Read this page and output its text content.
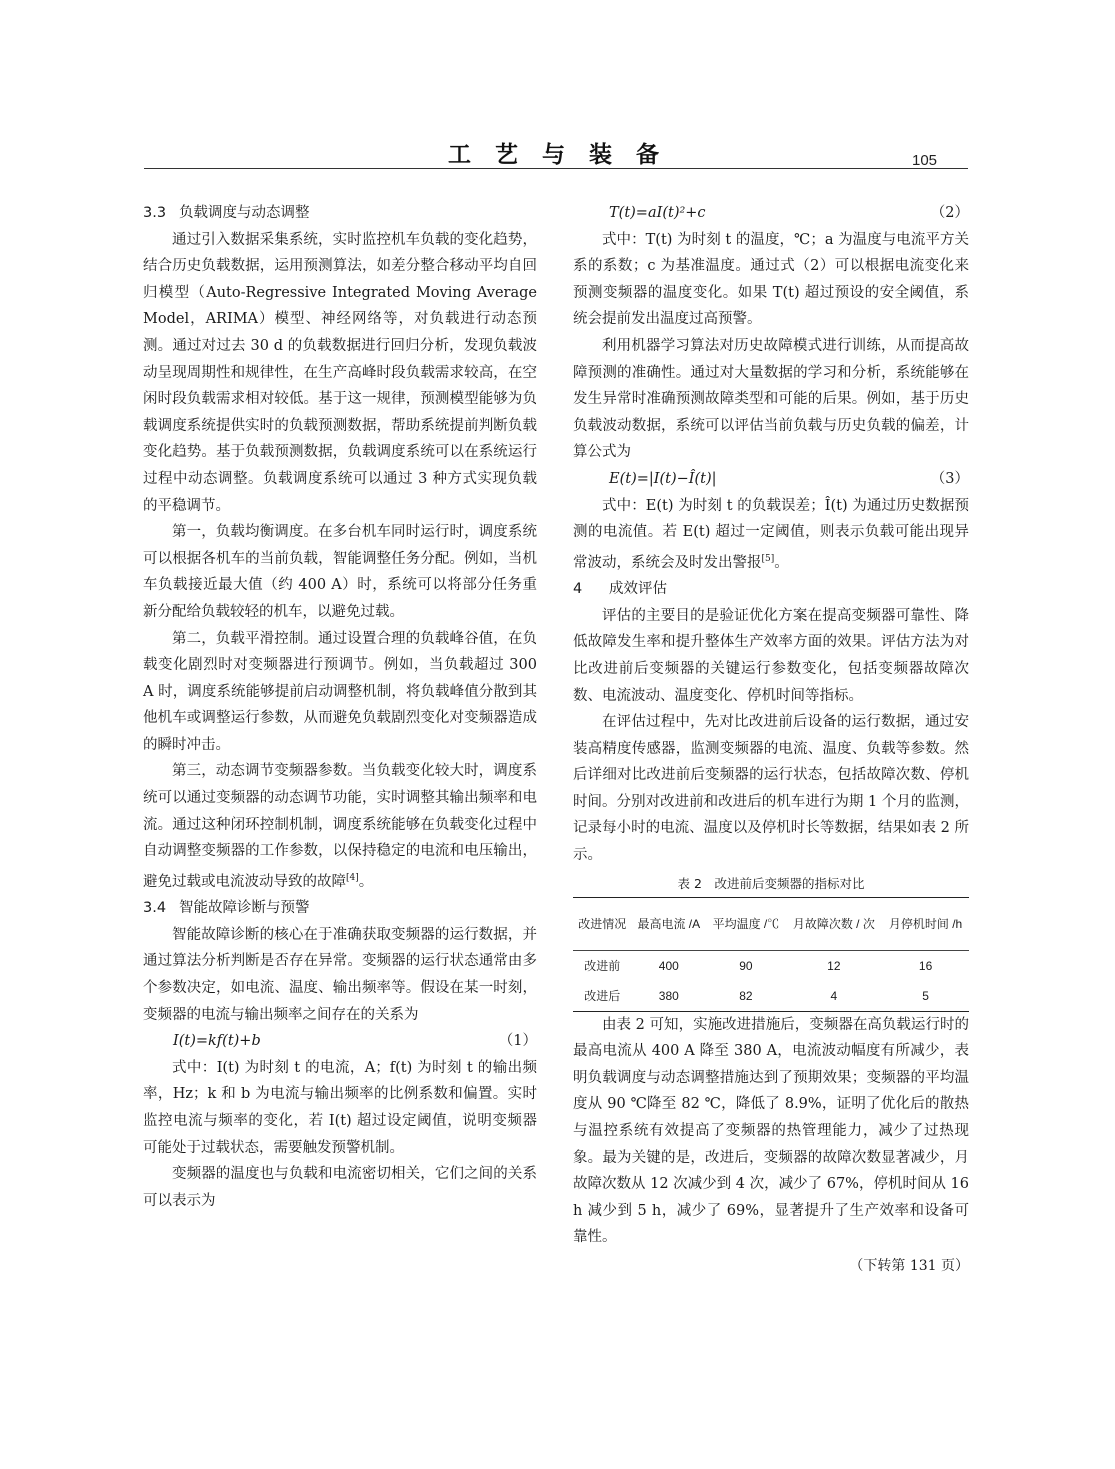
工 艺 与 装 备	105
3.3 负载调度与动态调整

通过引入数据采集系统，实时监控机车负载的变化趋势，结合历史负载数据，运用预测算法，如差分整合移动平均自回归模型（Auto-Regressive Integrated Moving Average Model，ARIMA）模型、神经网络等，对负载进行动态预测。通过对过去 30 d 的负载数据进行回归分析，发现负载波动呈现周期性和规律性，在生产高峰时段负载需求较高，在空闲时段负载需求相对较低。基于这一规律，预测模型能够为负载调度系统提供实时的负载预测数据，帮助系统提前判断负载变化趋势。基于负载预测数据，负载调度系统可以在系统运行过程中动态调整。负载调度系统可以通过 3 种方式实现负载的平稳调节。

第一，负载均衡调度。在多台机车同时运行时，调度系统可以根据各机车的当前负载，智能调整任务分配。例如，当机车负载接近最大值（约 400 A）时，系统可以将部分任务重新分配给负载较轻的机车，以避免过载。

第二，负载平滑控制。通过设置合理的负载峰谷值，在负载变化剧烈时对变频器进行预调节。例如，当负载超过 300 A 时，调度系统能够提前启动调整机制，将负载峰值分散到其他机车或调整运行参数，从而避免负载剧烈变化对变频器造成的瞬时冲击。

第三，动态调节变频器参数。当负载变化较大时，调度系统可以通过变频器的动态调节功能，实时调整其输出频率和电流。通过这种闭环控制机制，调度系统能够在负载变化过程中自动调整变频器的工作参数，以保持稳定的电流和电压输出，避免过载或电流波动导致的故障[4]。

3.4 智能故障诊断与预警

智能故障诊断的核心在于准确获取变频器的运行数据，并通过算法分析判断是否存在异常。变频器的运行状态通常由多个参数决定，如电流、温度、输出频率等。假设在某一时刻，变频器的电流与输出频率之间存在的关系为

I(t)=kf(t)+b	（1）

式中：I(t) 为时刻 t 的电流，A；f(t) 为时刻 t 的输出频率，Hz；k 和 b 为电流与输出频率的比例系数和偏置。实时监控电流与频率的变化，若 I(t) 超过设定阈值，说明变频器可能处于过载状态，需要触发预警机制。

变频器的温度也与负载和电流密切相关，它们之间的关系可以表示为

T(t)=aI(t)²+c	（2）

式中：T(t) 为时刻 t 的温度，℃；a 为温度与电流平方关系的系数；c 为基准温度。通过式（2）可以根据电流变化来预测变频器的温度变化。如果 T(t) 超过预设的安全阈值，系统会提前发出温度过高预警。

利用机器学习算法对历史故障模式进行训练，从而提高故障预测的准确性。通过对大量数据的学习和分析，系统能够在发生异常时准确预测故障类型和可能的后果。例如，基于历史负载波动数据，系统可以评估当前负载与历史负载的偏差，计算公式为

E(t)=|I(t)−Î(t)|	（3）

式中：E(t) 为时刻 t 的负载误差；Î(t) 为通过历史数据预测的电流值。若 E(t) 超过一定阈值，则表示负载可能出现异常波动，系统会及时发出警报[5]。

4 成效评估

评估的主要目的是验证优化方案在提高变频器可靠性、降低故障发生率和提升整体生产效率方面的效果。评估方法为对比改进前后变频器的关键运行参数变化，包括变频器故障次数、电流波动、温度变化、停机时间等指标。

在评估过程中，先对比改进前后设备的运行数据，通过安装高精度传感器，监测变频器的电流、温度、负载等参数。然后详细对比改进前后变频器的运行状态，包括故障次数、停机时间。分别对改进前和改进后的机车进行为期 1 个月的监测，记录每小时的电流、温度以及停机时长等数据，结果如表 2 所示。

表 2　改进前后变频器的指标对比
改进情况	最高电流 /A	平均温度 /℃	月故障次数 / 次	月停机时间 /h
改进前	400	90	12	16
改进后	380	82	4	5

由表 2 可知，实施改进措施后，变频器在高负载运行时的最高电流从 400 A 降至 380 A，电流波动幅度有所减少，表明负载调度与动态调整措施达到了预期效果；变频器的平均温度从 90 ℃降至 82 ℃，降低了 8.9%，证明了优化后的散热与温控系统有效提高了变频器的热管理能力，减少了过热现象。最为关键的是，改进后，变频器的故障次数显著减少，月故障次数从 12 次减少到 4 次，减少了 67%，停机时间从 16 h 减少到 5 h，减少了 69%，显著提升了生产效率和设备可靠性。

（下转第 131 页）
